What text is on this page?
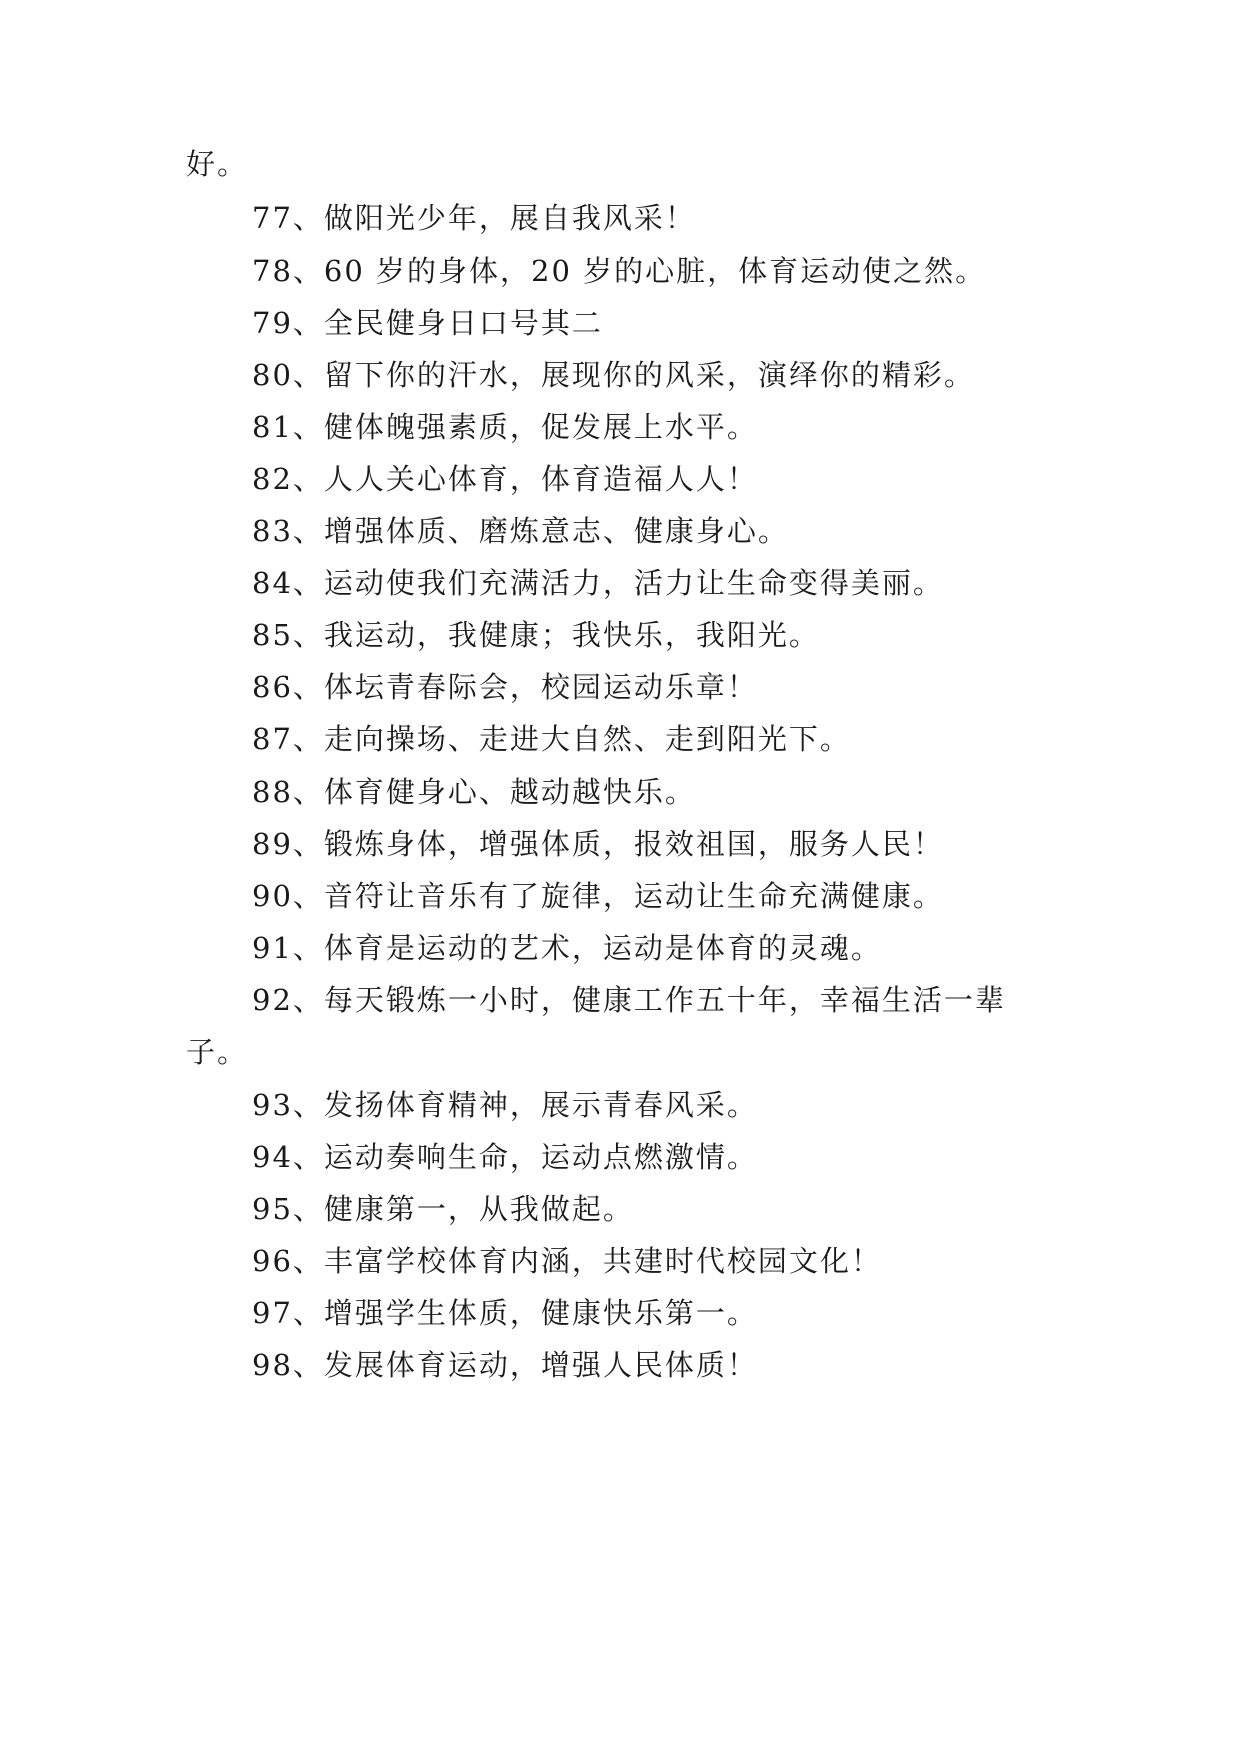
好。
77、做阳光少年，展自我风采！
78、60 岁的身体，20 岁的心脏，体育运动使之然。
79、全民健身日口号其二
80、留下你的汗水，展现你的风采，演绎你的精彩。
81、健体魄强素质，促发展上水平。
82、人人关心体育，体育造福人人！
83、增强体质、磨炼意志、健康身心。
84、运动使我们充满活力，活力让生命变得美丽。
85、我运动，我健康；我快乐，我阳光。
86、体坛青春际会，校园运动乐章！
87、走向操场、走进大自然、走到阳光下。
88、体育健身心、越动越快乐。
89、锻炼身体，增强体质，报效祖国，服务人民！
90、音符让音乐有了旋律，运动让生命充满健康。
91、体育是运动的艺术，运动是体育的灵魂。
92、每天锻炼一小时，健康工作五十年，幸福生活一辈
子。
93、发扬体育精神，展示青春风采。
94、运动奏响生命，运动点燃激情。
95、健康第一，从我做起。
96、丰富学校体育内涵，共建时代校园文化！
97、增强学生体质，健康快乐第一。
98、发展体育运动，增强人民体质！
